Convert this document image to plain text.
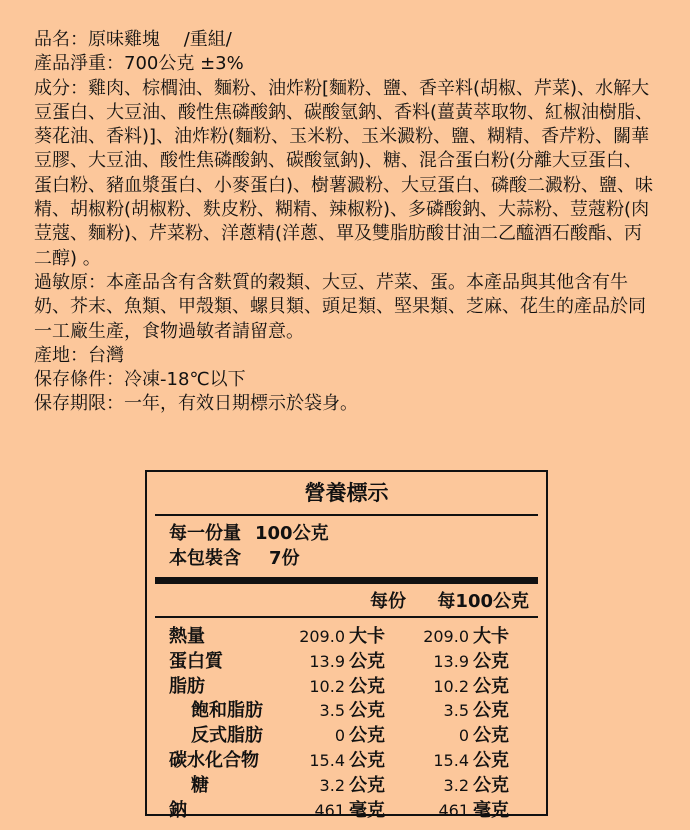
品名：原味雞塊　 /重組/
產品淨重：700公克 ±3%
成分：雞肉、棕櫚油、麵粉、油炸粉[麵粉、鹽、香辛料(胡椒、芹菜)、水解大豆蛋白、大豆油、酸性焦磷酸鈉、碳酸氫鈉、香料(薑黃萃取物、紅椒油樹脂、葵花油、香料)]、油炸粉(麵粉、玉米粉、玉米澱粉、鹽、糊精、香芹粉、關華豆膠、大豆油、酸性焦磷酸鈉、碳酸氫鈉)、糖、混合蛋白粉(分離大豆蛋白、蛋白粉、豬血漿蛋白、小麥蛋白)、樹薯澱粉、大豆蛋白、磷酸二澱粉、鹽、味精、胡椒粉(胡椒粉、麩皮粉、糊精、辣椒粉)、多磷酸鈉、大蒜粉、荳蔻粉(肉荳蔻、麵粉)、芹菜粉、洋蔥精(洋蔥、單及雙脂肪酸甘油二乙醯酒石酸酯、丙二醇) 。
過敏原：本產品含有含麩質的穀類、大豆、芹菜、蛋。本產品與其他含有牛奶、芥末、魚類、甲殼類、螺貝類、頭足類、堅果類、芝麻、花生的產品於同一工廠生產，食物過敏者請留意。
產地：台灣
保存條件：冷凍-18℃以下
保存期限：一年，有效日期標示於袋身。
營養標示
每一份量 100公克
本包裝含	7份
每份	每100公克
熱量	209.0 大卡 209.0 大卡
蛋白質	13.9 公克	13.9 公克
脂肪	10.2 公克	10.2 公克
飽和脂肪	3.5 公克	3.5 公克
反式脂肪	0 公克	0 公克
碳水化合物	15.4 公克	15.4 公克
糖	3.2 公克	3.2 公克
鈉	461 毫克	461 毫克
